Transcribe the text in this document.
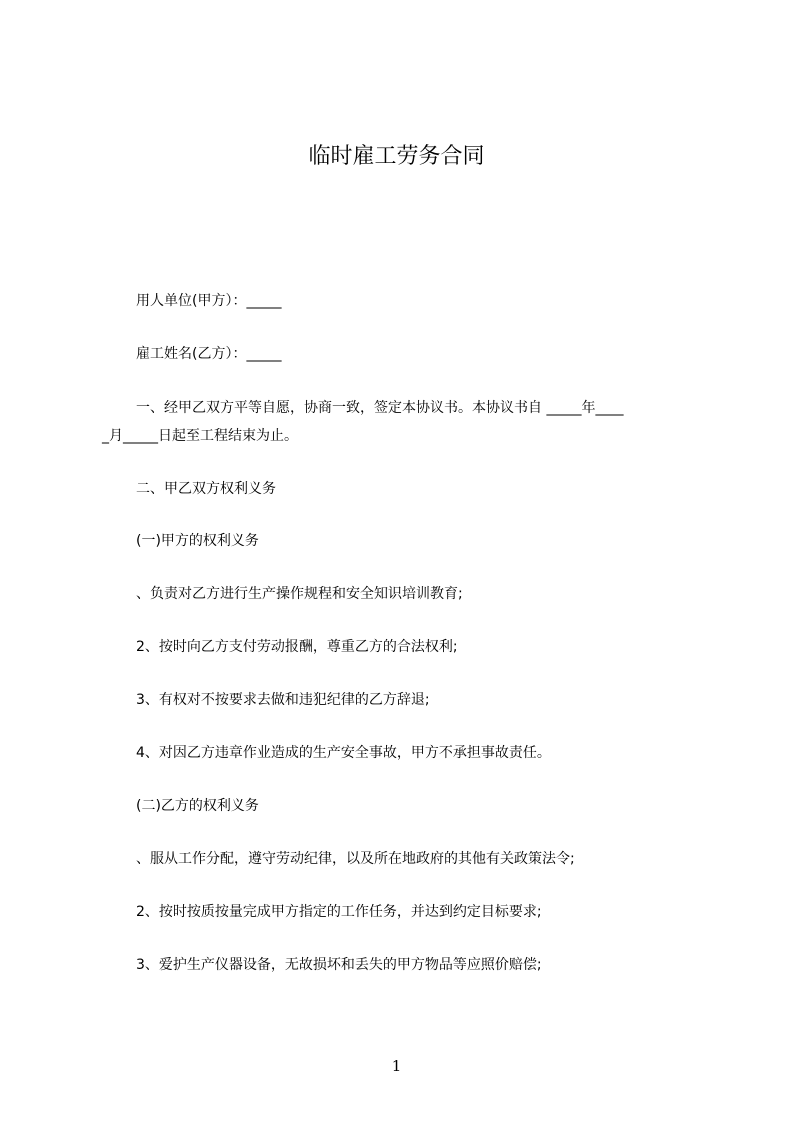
临时雇工劳务合同
用人单位(甲方）：_____
雇工姓名(乙方）：_____
一、经甲乙双方平等自愿，协商一致，签定本协议书。本协议书自 _____年____
_月_____日起至工程结束为止。
二、甲乙双方权利义务
(一)甲方的权利义务
、负责对乙方进行生产操作规程和安全知识培训教育;
2、按时向乙方支付劳动报酬，尊重乙方的合法权利;
3、有权对不按要求去做和违犯纪律的乙方辞退;
4、对因乙方违章作业造成的生产安全事故，甲方不承担事故责任。
(二)乙方的权利义务
、服从工作分配，遵守劳动纪律，以及所在地政府的其他有关政策法令;
2、按时按质按量完成甲方指定的工作任务，并达到约定目标要求;
3、爱护生产仪器设备，无故损坏和丢失的甲方物品等应照价赔偿;
1
